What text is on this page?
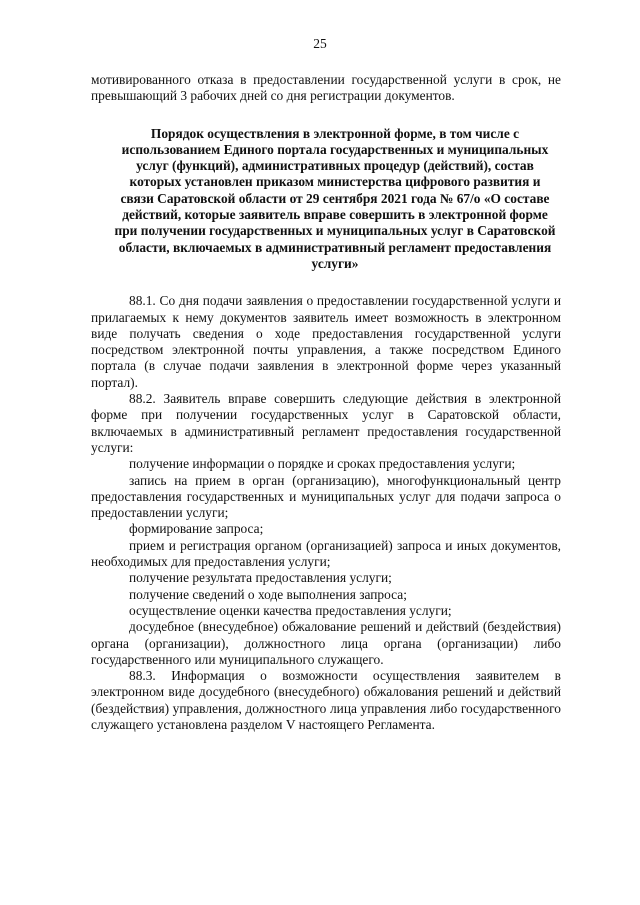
25

мотивированного отказа в предоставлении государственной услуги в срок, не превышающий 3 рабочих дней со дня регистрации документов.

Порядок осуществления в электронной форме, в том числе с использованием Единого портала государственных и муниципальных услуг (функций), административных процедур (действий), состав которых установлен приказом министерства цифрового развития и связи Саратовской области от 29 сентября 2021 года № 67/о «О составе действий, которые заявитель вправе совершить в электронной форме при получении государственных и муниципальных услуг в Саратовской области, включаемых в административный регламент предоставления услуги»

88.1. Со дня подачи заявления о предоставлении государственной услуги и прилагаемых к нему документов заявитель имеет возможность в электронном виде получать сведения о ходе предоставления государственной услуги посредством электронной почты управления, а также посредством Единого портала (в случае подачи заявления в электронной форме через указанный портал).

88.2. Заявитель вправе совершить следующие действия в электронной форме при получении государственных услуг в Саратовской области, включаемых в административный регламент предоставления государственной услуги:

получение информации о порядке и сроках предоставления услуги;

запись на прием в орган (организацию), многофункциональный центр предоставления государственных и муниципальных услуг для подачи запроса о предоставлении услуги;

формирование запроса;

прием и регистрация органом (организацией) запроса и иных документов, необходимых для предоставления услуги;

получение результата предоставления услуги;

получение сведений о ходе выполнения запроса;

осуществление оценки качества предоставления услуги;

досудебное (внесудебное) обжалование решений и действий (бездействия) органа (организации), должностного лица органа (организации) либо государственного или муниципального служащего.

88.3. Информация о возможности осуществления заявителем в электронном виде досудебного (внесудебного) обжалования решений и действий (бездействия) управления, должностного лица управления либо государственного служащего установлена разделом V настоящего Регламента.
